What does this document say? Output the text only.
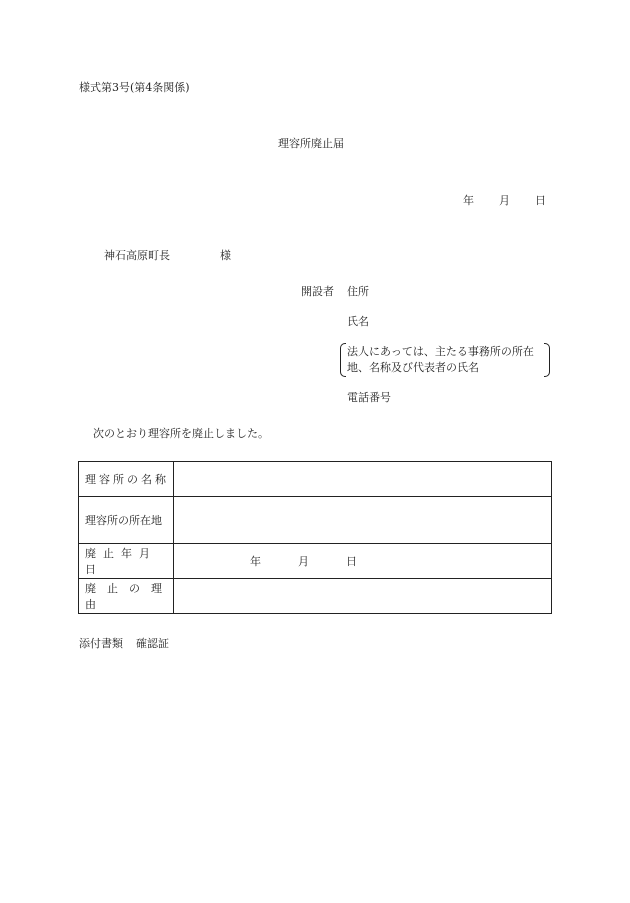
様式第3号(第4条関係)
理容所廃止届
年 月 日
神石高原町長	様
開設者 住所
氏名
法人にあっては、主たる事務所の所在
地、名称及び代表者の氏名
電話番号
次のとおり理容所を廃止しました。
理容所の名称	
理容所の所在地	
廃止年月日	年 月 日

廃止の理由	
添付書類 確認証
